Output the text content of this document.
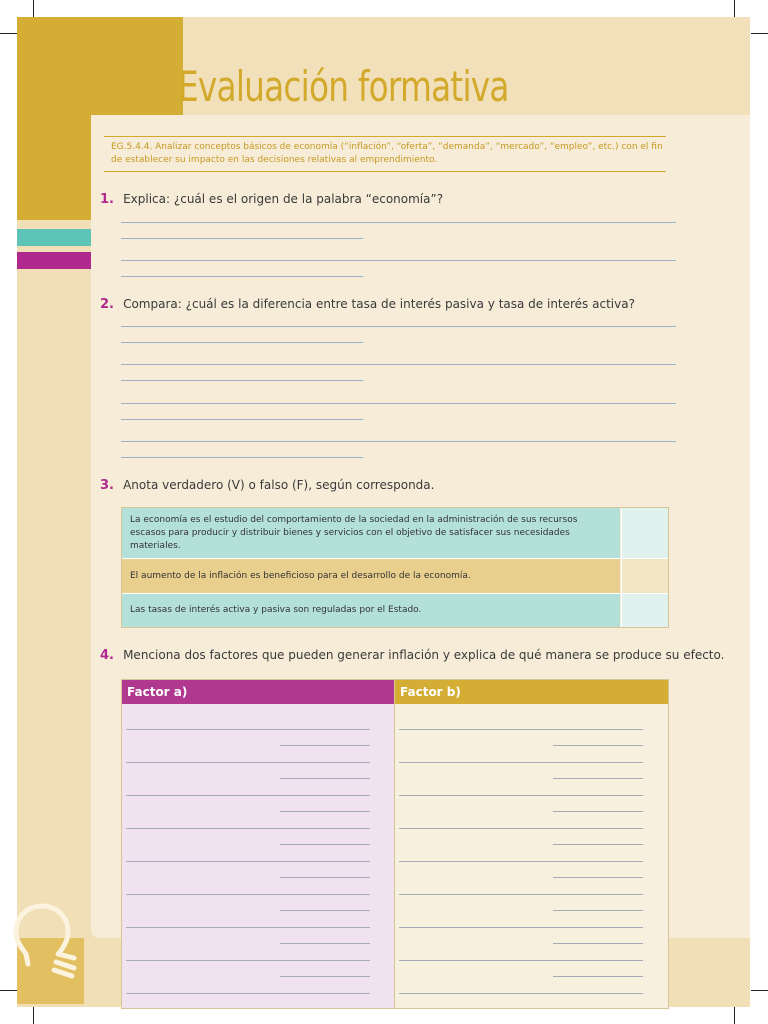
Evaluación formativa
EG.5.4.4. Analizar conceptos básicos de economía (“inflación”, “oferta”, “demanda”, “mercado”, “empleo”, etc.) con el fin de establecer su impacto en las decisiones relativas al emprendimiento.
1. Explica: ¿cuál es el origen de la palabra “economía”?
2. Compara: ¿cuál es la diferencia entre tasa de interés pasiva y tasa de interés activa?
3. Anota verdadero (V) o falso (F), según corresponda.
La economía es el estudio del comportamiento de la sociedad en la administración de sus recursos escasos para producir y distribuir bienes y servicios con el objetivo de satisfacer sus necesidades materiales.
El aumento de la inflación es beneficioso para el desarrollo de la economía.
Las tasas de interés activa y pasiva son reguladas por el Estado.
4. Menciona dos factores que pueden generar inflación y explica de qué manera se produce su efecto.
Factor a)	Factor b)
